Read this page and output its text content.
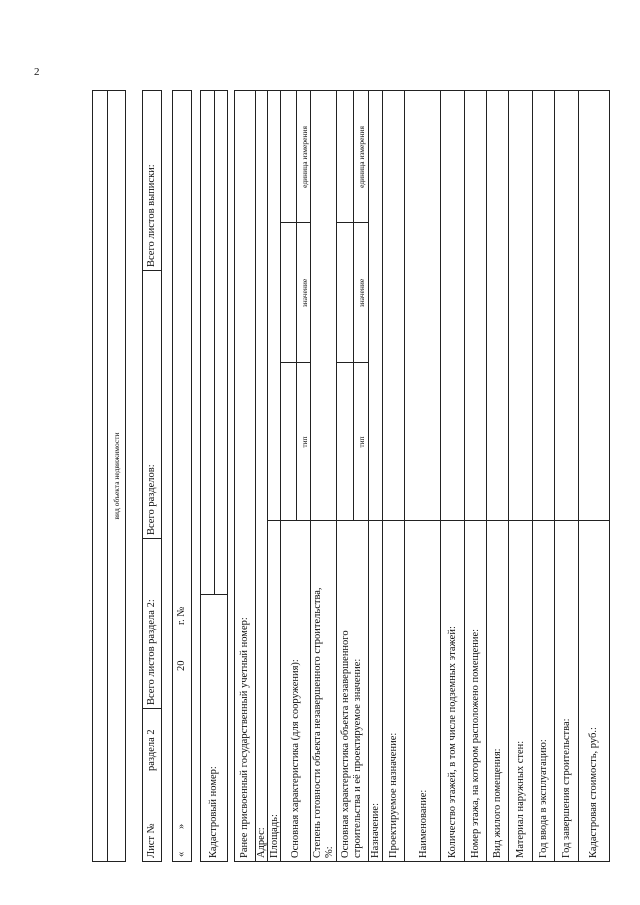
2
вид объекта недвижимости
Лист №
раздела 2
Всего листов раздела 2:
Всего разделов:
Всего листов выписки:
«
»
20
г. №
Кадастровый номер: Ранее присвоенный государственный учетный номер: Адрес: Площадь: Основная характеристика (для сооружения): Степень готовности объекта незавершенного строительства, %: Основная характеристика объекта незавершенного строительства и её проектируемое значение: Назначение: Проектируемое назначение: Наименование: Количество этажей, в том числе подземных этажей: Номер этажа, на котором расположено помещение: Вид жилого помещения: Материал наружных стен: Год ввода в эксплуатацию: Год завершения строительства: Кадастровая стоимость, руб.:
тип
значение
единица измерения
тип
значение
единица измерения
